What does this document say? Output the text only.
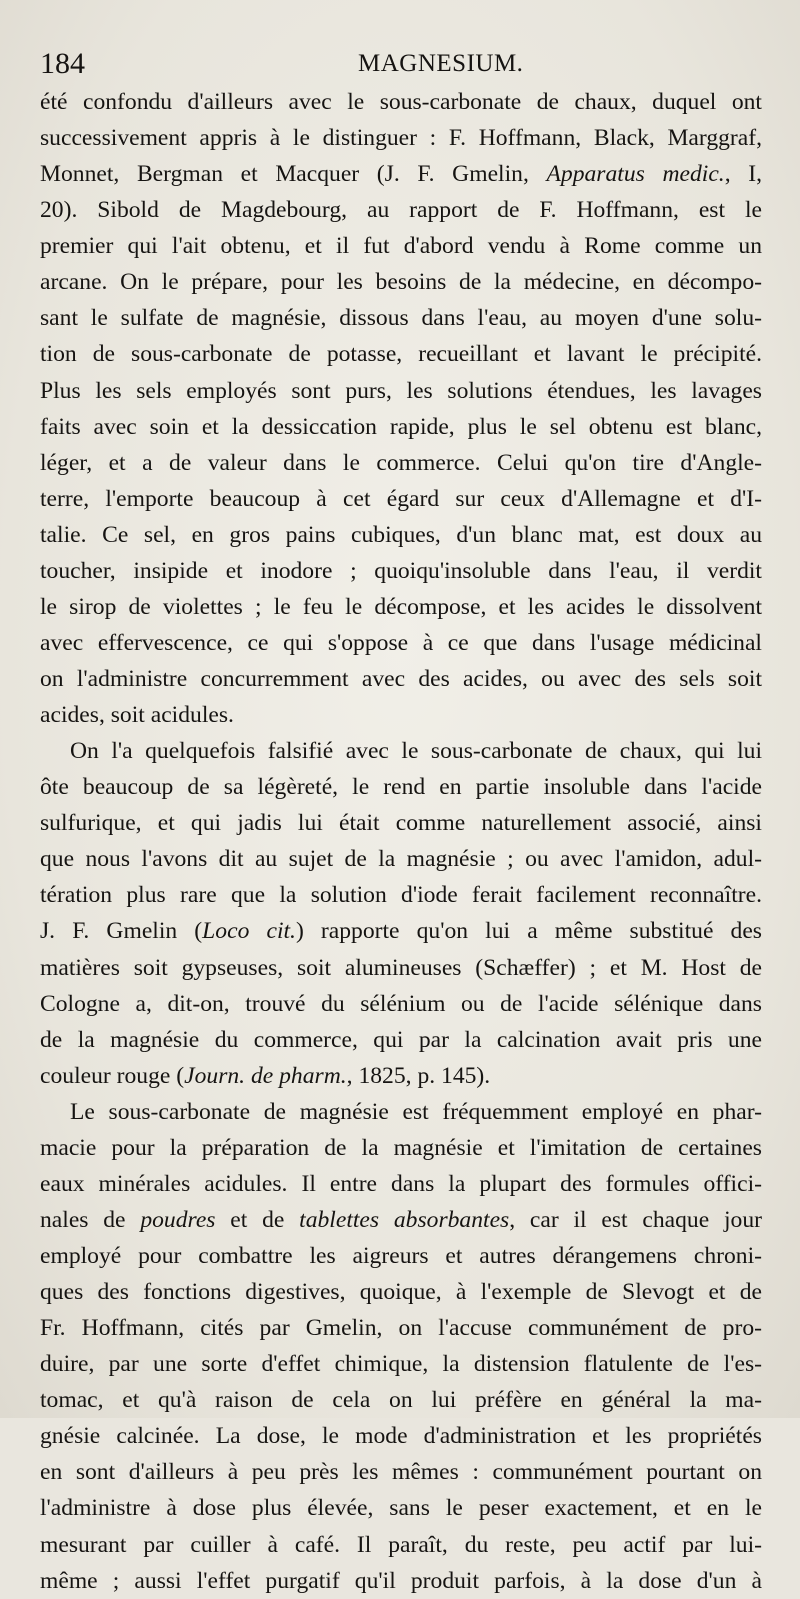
184	MAGNESIUM.
été confondu d'ailleurs avec le sous-carbonate de chaux, duquel ont
successivement appris à le distinguer : F. Hoffmann, Black, Marggraf,
Monnet, Bergman et Macquer (J. F. Gmelin, Apparatus medic., I,
20). Sibold de Magdebourg, au rapport de F. Hoffmann, est le
premier qui l'ait obtenu, et il fut d'abord vendu à Rome comme un
arcane. On le prépare, pour les besoins de la médecine, en décompo-
sant le sulfate de magnésie, dissous dans l'eau, au moyen d'une solu-
tion de sous-carbonate de potasse, recueillant et lavant le précipité.
Plus les sels employés sont purs, les solutions étendues, les lavages
faits avec soin et la dessiccation rapide, plus le sel obtenu est blanc,
léger, et a de valeur dans le commerce. Celui qu'on tire d'Angle-
terre, l'emporte beaucoup à cet égard sur ceux d'Allemagne et d'I-
talie. Ce sel, en gros pains cubiques, d'un blanc mat, est doux au
toucher, insipide et inodore ; quoiqu'insoluble dans l'eau, il verdit
le sirop de violettes ; le feu le décompose, et les acides le dissolvent
avec effervescence, ce qui s'oppose à ce que dans l'usage médicinal
on l'administre concurremment avec des acides, ou avec des sels soit
acides, soit acidules.
On l'a quelquefois falsifié avec le sous-carbonate de chaux, qui lui
ôte beaucoup de sa légèreté, le rend en partie insoluble dans l'acide
sulfurique, et qui jadis lui était comme naturellement associé, ainsi
que nous l'avons dit au sujet de la magnésie ; ou avec l'amidon, adul-
tération plus rare que la solution d'iode ferait facilement reconnaître.
J. F. Gmelin (Loco cit.) rapporte qu'on lui a même substitué des
matières soit gypseuses, soit alumineuses (Schæffer) ; et M. Host de
Cologne a, dit-on, trouvé du sélénium ou de l'acide sélénique dans
de la magnésie du commerce, qui par la calcination avait pris une
couleur rouge (Journ. de pharm., 1825, p. 145).
Le sous-carbonate de magnésie est fréquemment employé en phar-
macie pour la préparation de la magnésie et l'imitation de certaines
eaux minérales acidules. Il entre dans la plupart des formules offici-
nales de poudres et de tablettes absorbantes, car il est chaque jour
employé pour combattre les aigreurs et autres dérangemens chroni-
ques des fonctions digestives, quoique, à l'exemple de Slevogt et de
Fr. Hoffmann, cités par Gmelin, on l'accuse communément de pro-
duire, par une sorte d'effet chimique, la distension flatulente de l'es-
tomac, et qu'à raison de cela on lui préfère en général la ma-
gnésie calcinée. La dose, le mode d'administration et les propriétés
en sont d'ailleurs à peu près les mêmes : communément pourtant on
l'administre à dose plus élevée, sans le peser exactement, et en le
mesurant par cuiller à café. Il paraît, du reste, peu actif par lui-
même ; aussi l'effet purgatif qu'il produit parfois, à la dose d'un à
